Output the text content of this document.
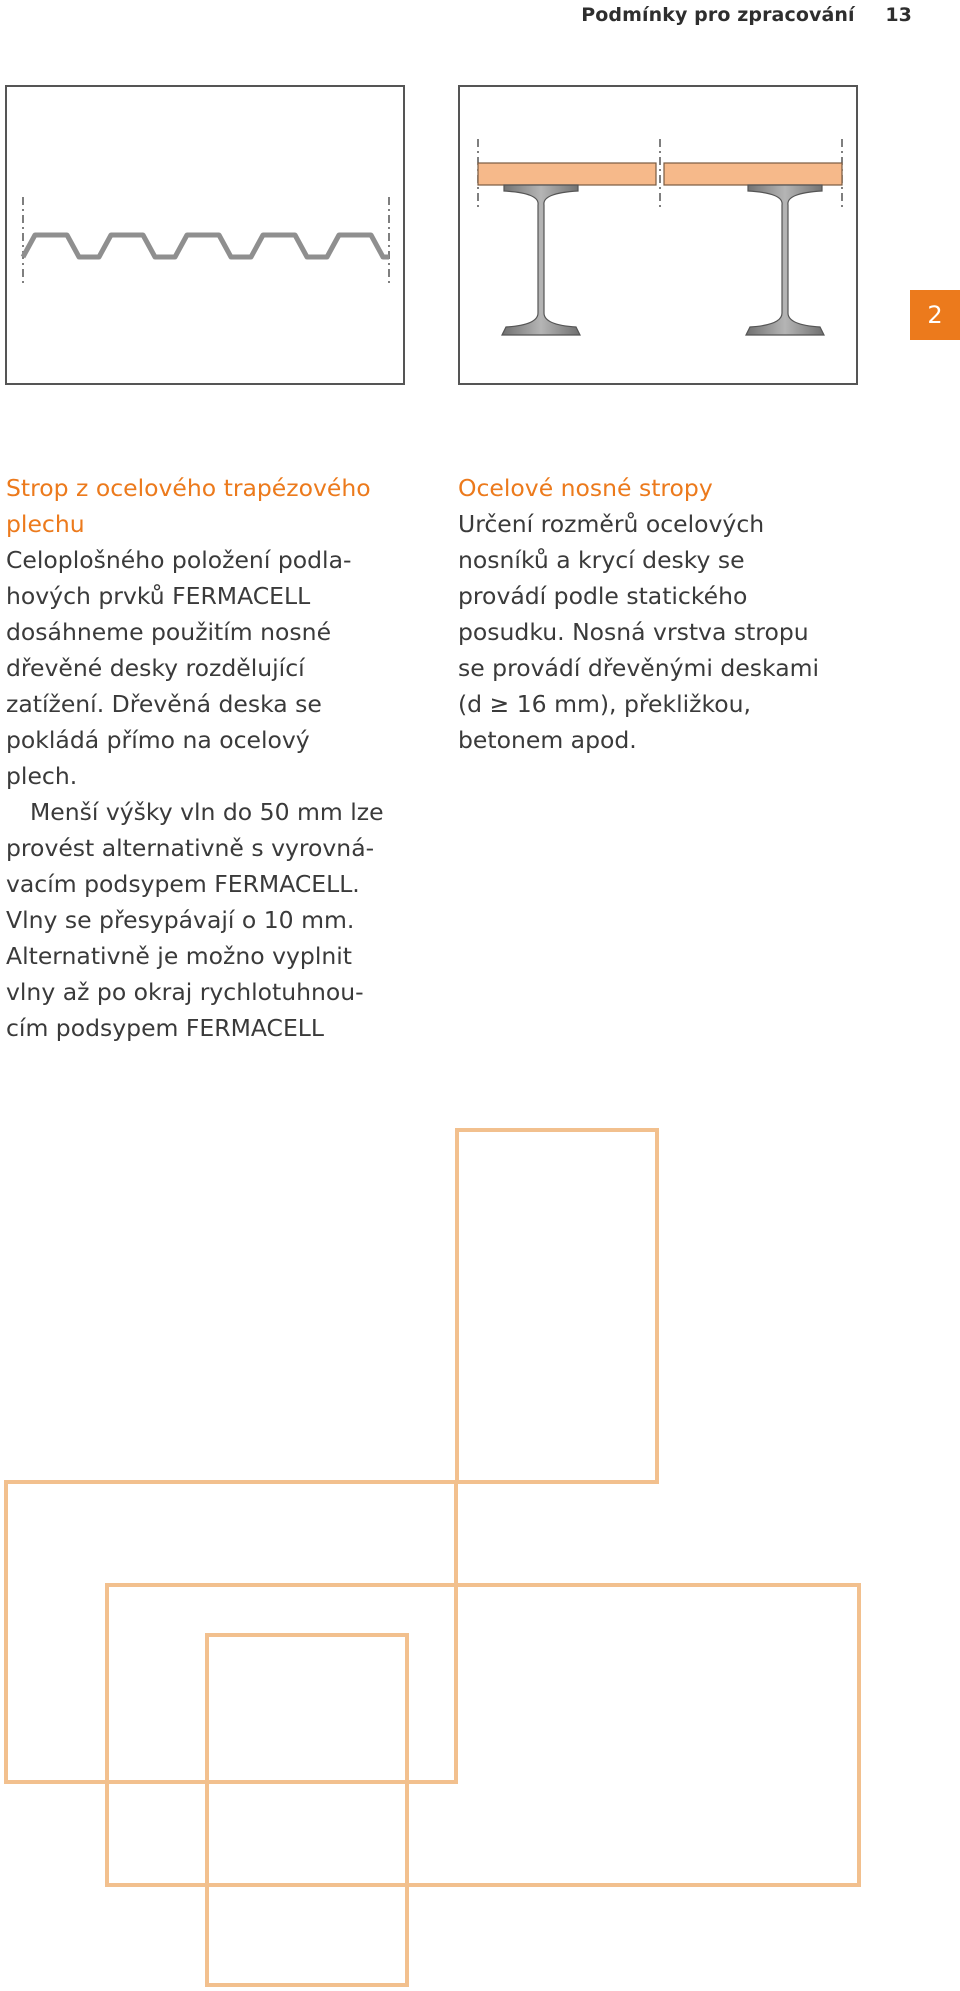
Podmínky pro zpracování 13
2
Strop z ocelového trapézového
plechu

Celoplošného položení podla-
hových prvků FERMACELL
dosáhneme použitím nosné
dřevěné desky rozdělující
zatížení. Dřevěná deska se
pokládá přímo na ocelový
plech.

Menší výšky vln do 50 mm lze
provést alternativně s vyrovná-
vacím podsypem FERMACELL.
Vlny se přesypávají o 10 mm.
Alternativně je možno vyplnit
vlny až po okraj rychlotuhnou-
cím podsypem FERMACELL

Ocelové nosné stropy

Určení rozměrů ocelových
nosníků a krycí desky se
provádí podle statického
posudku. Nosná vrstva stropu
se provádí dřevěnými deskami
(d ≥ 16 mm), překližkou,
betonem apod.
